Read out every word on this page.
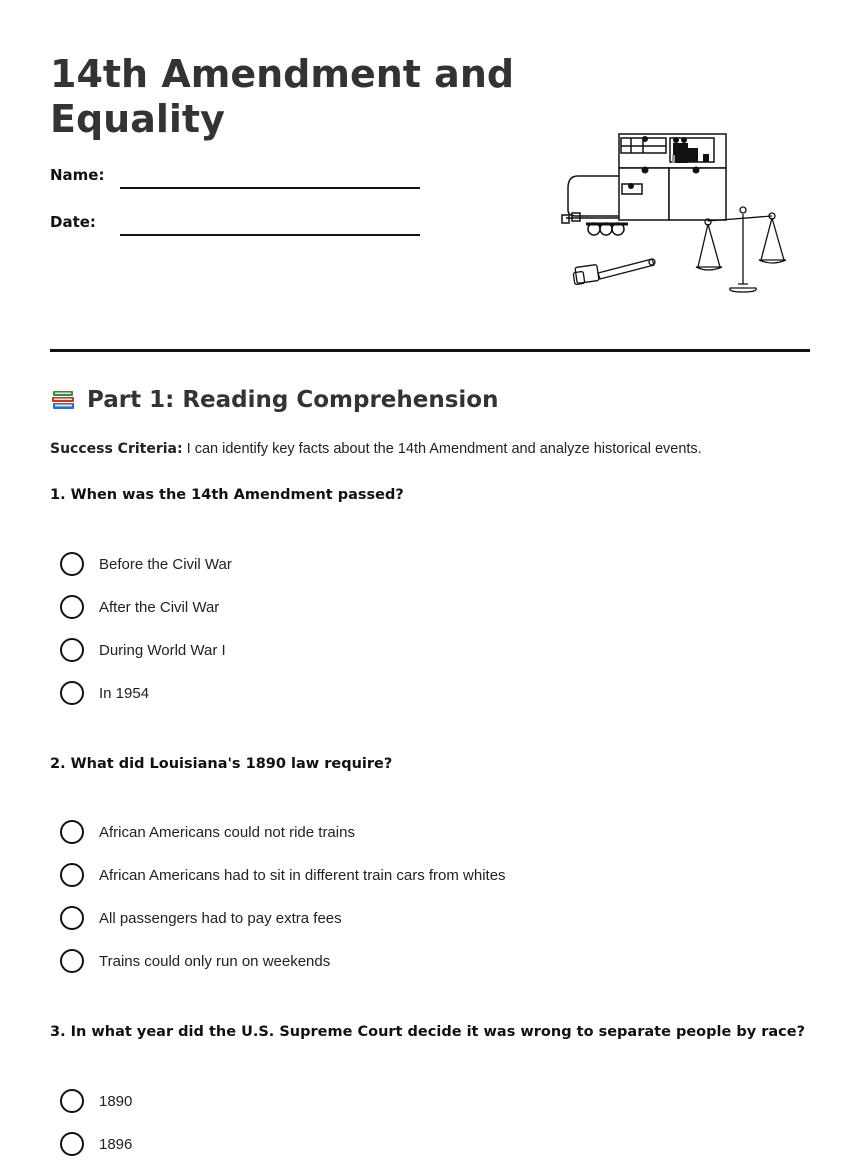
14th Amendment and Equality
Name:
Date:
Part 1: Reading Comprehension
Success Criteria: I can identify key facts about the 14th Amendment and analyze historical events.

1. When was the 14th Amendment passed?

Before the Civil War
After the Civil War
During World War I
In 1954

2. What did Louisiana's 1890 law require?

African Americans could not ride trains
African Americans had to sit in different train cars from whites
All passengers had to pay extra fees
Trains could only run on weekends

3. In what year did the U.S. Supreme Court decide it was wrong to separate people by race?

1890
1896
